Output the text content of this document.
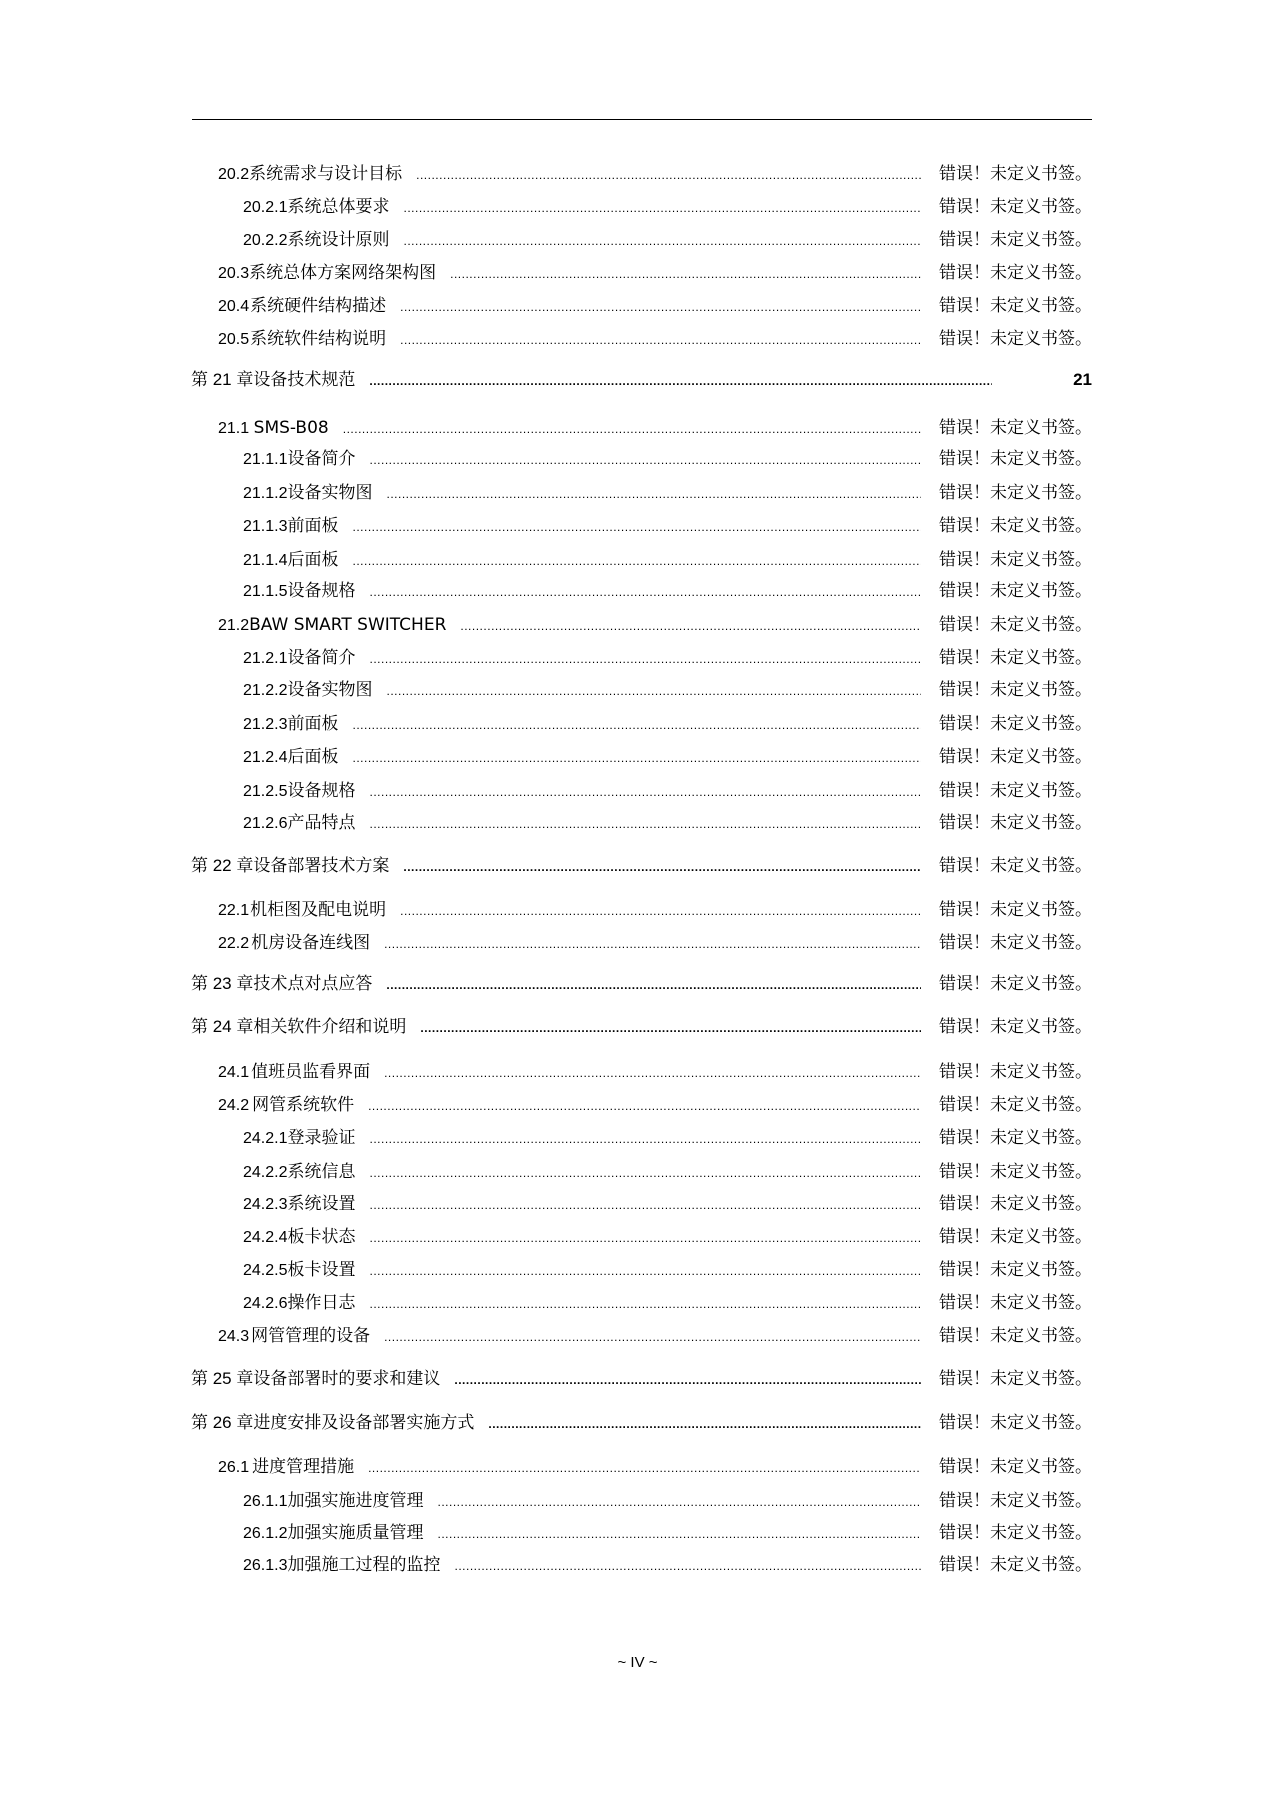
20.2 系统需求与设计目标 .....	错误！未定义书签。
20.2.1 系统总体要求 .....	错误！未定义书签。
20.2.2 系统设计原则 .....	错误！未定义书签。
20.3 系统总体方案网络架构图 .....	错误！未定义书签。
20.4 系统硬件结构描述 .....	错误！未定义书签。
20.5 系统软件结构说明 .....	错误！未定义书签。
第 21 章 设备技术规范 .....	21
21.1 SMS-B08 .....	错误！未定义书签。
21.1.1 设备简介 .....	错误！未定义书签。
21.1.2 设备实物图 .....	错误！未定义书签。
21.1.3 前面板 .....	错误！未定义书签。
21.1.4 后面板 .....	错误！未定义书签。
21.1.5 设备规格 .....	错误！未定义书签。
21.2 BAW SMART SWITCHER .....	错误！未定义书签。
21.2.1 设备简介 .....	错误！未定义书签。
21.2.2 设备实物图 .....	错误！未定义书签。
21.2.3 前面板 .....	错误！未定义书签。
21.2.4 后面板 .....	错误！未定义书签。
21.2.5 设备规格 .....	错误！未定义书签。
21.2.6 产品特点 .....	错误！未定义书签。
第 22 章 设备部署技术方案 .....	错误！未定义书签。
22.1 机柜图及配电说明 .....	错误！未定义书签。
22.2 机房设备连线图 .....	错误！未定义书签。
第 23 章 技术点对点应答 .....	错误！未定义书签。
第 24 章 相关软件介绍和说明 .....	错误！未定义书签。
24.1 值班员监看界面 .....	错误！未定义书签。
24.2 网管系统软件 .....	错误！未定义书签。
24.2.1 登录验证 .....	错误！未定义书签。
24.2.2 系统信息 .....	错误！未定义书签。
24.2.3 系统设置 .....	错误！未定义书签。
24.2.4 板卡状态 .....	错误！未定义书签。
24.2.5 板卡设置 .....	错误！未定义书签。
24.2.6 操作日志 .....	错误！未定义书签。
24.3 网管管理的设备 .....	错误！未定义书签。
第 25 章 设备部署时的要求和建议 .....	错误！未定义书签。
第 26 章 进度安排及设备部署实施方式 .....	错误！未定义书签。
26.1 进度管理措施 .....	错误！未定义书签。
26.1.1 加强实施进度管理 .....	错误！未定义书签。
26.1.2 加强实施质量管理 .....	错误！未定义书签。
26.1.3 加强施工过程的监控 .....	错误！未定义书签。
~ IV ~
